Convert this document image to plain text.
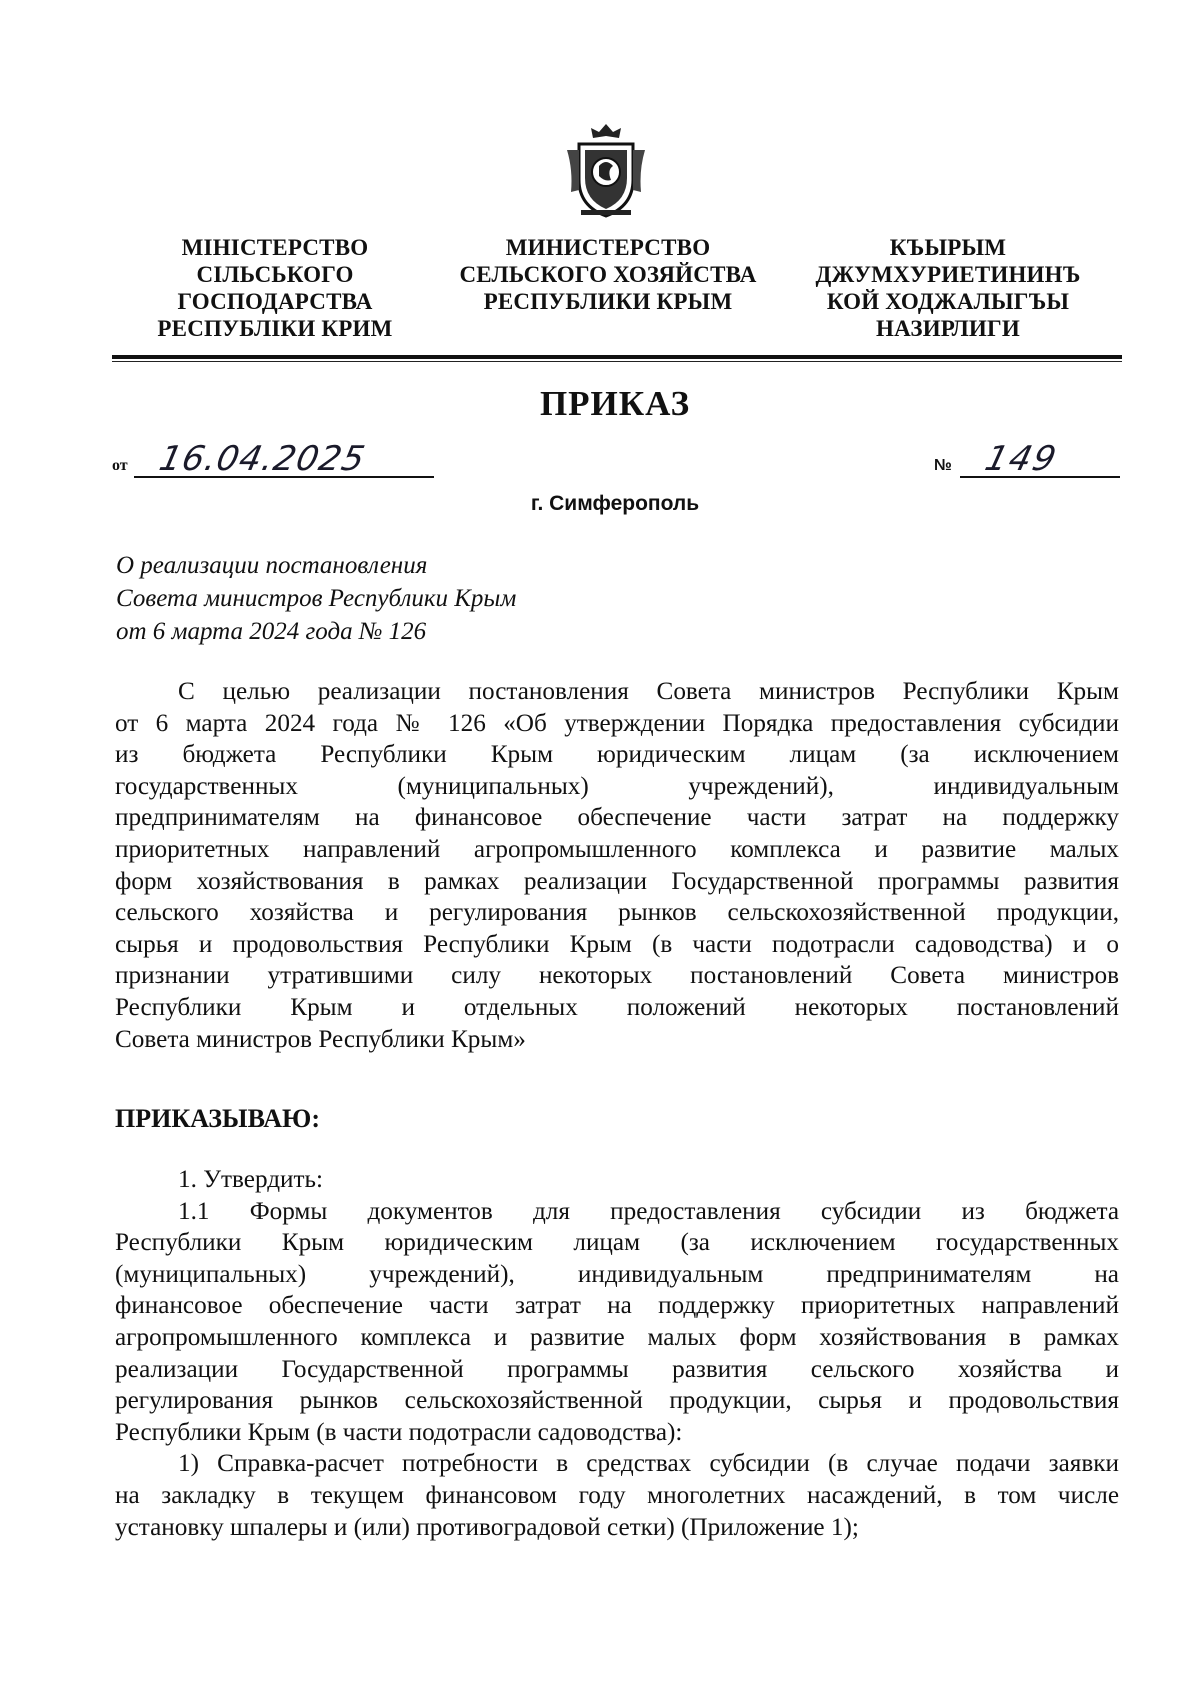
МІНІСТЕРСТВО
СІЛЬСЬКОГО
ГОСПОДАРСТВА
РЕСПУБЛІКИ КРИМ
МИНИСТЕРСТВО
СЕЛЬСКОГО ХОЗЯЙСТВА
РЕСПУБЛИКИ КРЫМ
КЪЫРЫМ
ДЖУМХУРИЕТИНИНЪ
КОЙ ХОДЖАЛЫГЪЫ
НАЗИРЛИГИ
ПРИКАЗ
от 16.04.2025	№ 149
г. Симферополь
О реализации постановления
Совета министров Республики Крым
от 6 марта 2024 года № 126
С целью реализации постановления Совета министров Республики Крым
от 6 марта 2024 года № 126 «Об утверждении Порядка предоставления субсидии
из бюджета Республики Крым юридическим лицам (за исключением
государственных (муниципальных) учреждений), индивидуальным
предпринимателям на финансовое обеспечение части затрат на поддержку
приоритетных направлений агропромышленного комплекса и развитие малых
форм хозяйствования в рамках реализации Государственной программы развития
сельского хозяйства и регулирования рынков сельскохозяйственной продукции,
сырья и продовольствия Республики Крым (в части подотрасли садоводства) и о
признании утратившими силу некоторых постановлений Совета министров
Республики Крым и отдельных положений некоторых постановлений
Совета министров Республики Крым»
ПРИКАЗЫВАЮ:
1. Утвердить:
1.1 Формы документов для предоставления субсидии из бюджета
Республики Крым юридическим лицам (за исключением государственных
(муниципальных) учреждений), индивидуальным предпринимателям на
финансовое обеспечение части затрат на поддержку приоритетных направлений
агропромышленного комплекса и развитие малых форм хозяйствования в рамках
реализации Государственной программы развития сельского хозяйства и
регулирования рынков сельскохозяйственной продукции, сырья и продовольствия
Республики Крым (в части подотрасли садоводства):
1) Справка-расчет потребности в средствах субсидии (в случае подачи заявки
на закладку в текущем финансовом году многолетних насаждений, в том числе
установку шпалеры и (или) противоградовой сетки) (Приложение 1);
